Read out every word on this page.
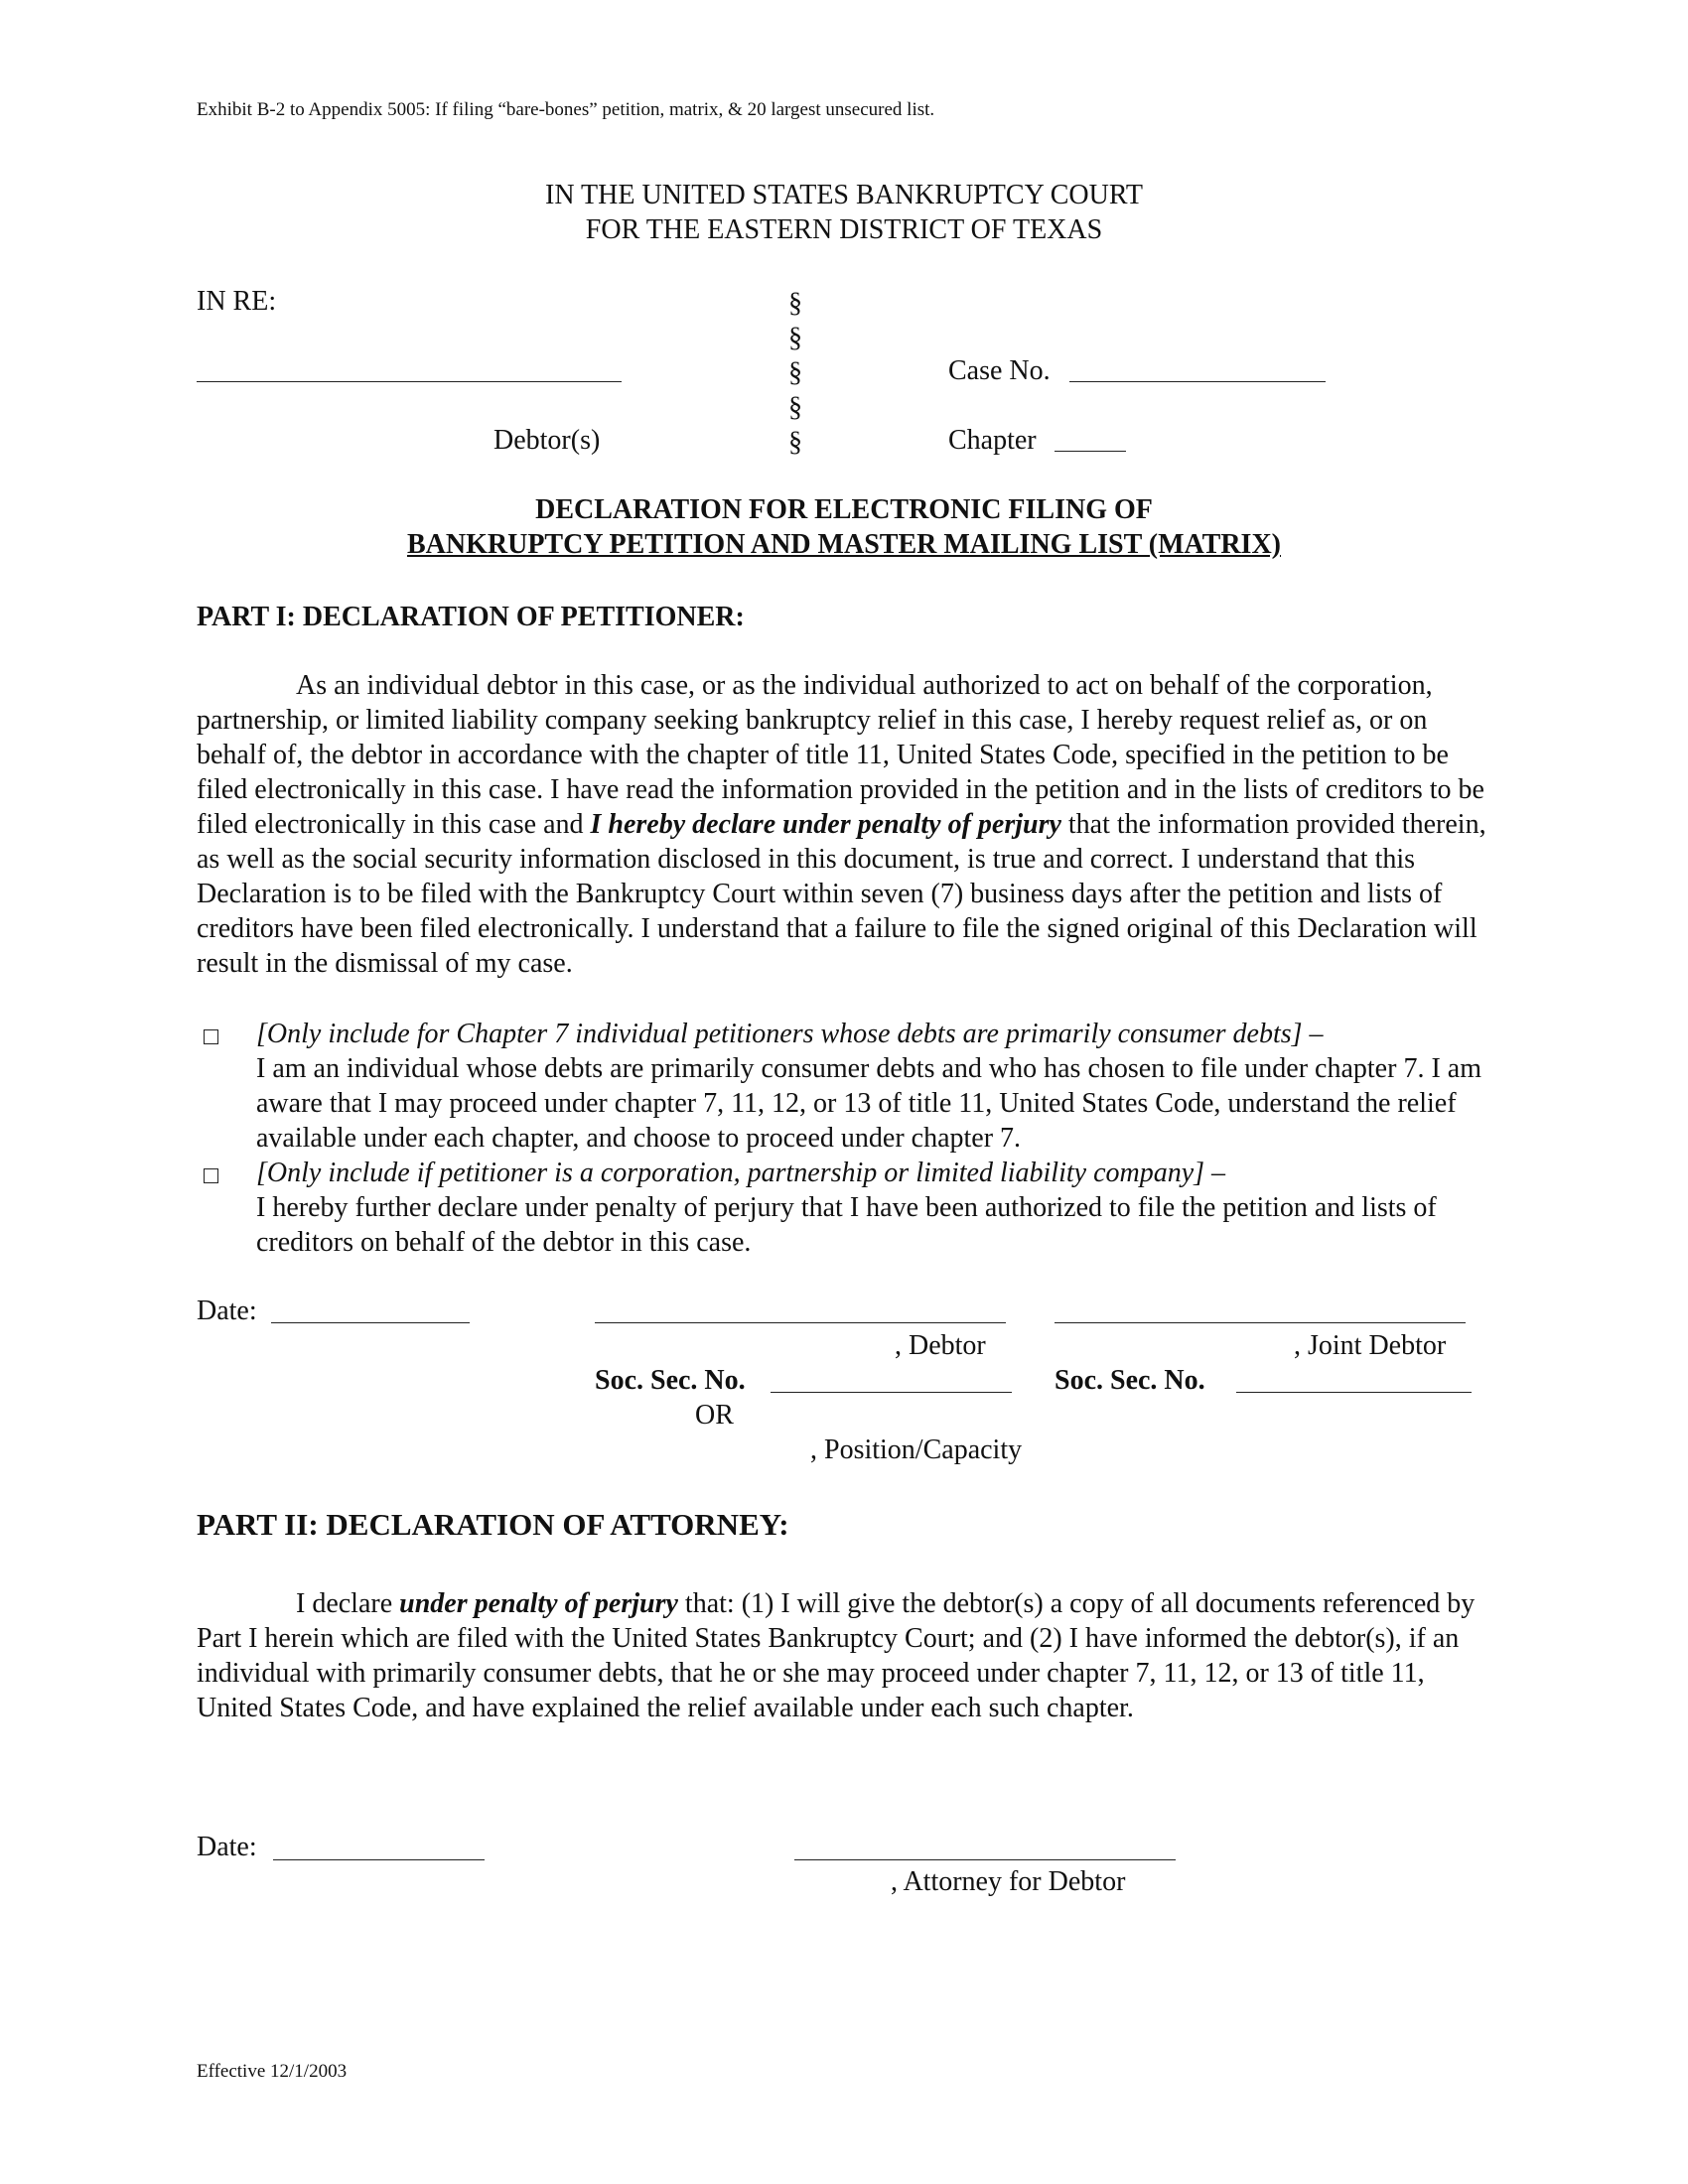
Exhibit B-2 to Appendix 5005: If filing “bare-bones” petition, matrix, & 20 largest unsecured list.
IN THE UNITED STATES BANKRUPTCY COURT
FOR THE EASTERN DISTRICT OF TEXAS
IN RE:
Debtor(s)
§
§
§
§
§
Case No.
Chapter
DECLARATION FOR ELECTRONIC FILING OF
BANKRUPTCY PETITION AND MASTER MAILING LIST (MATRIX)
PART I: DECLARATION OF PETITIONER:
As an individual debtor in this case, or as the individual authorized to act on behalf of the corporation, partnership, or limited liability company seeking bankruptcy relief in this case, I hereby request relief as, or on behalf of, the debtor in accordance with the chapter of title 11, United States Code, specified in the petition to be filed electronically in this case. I have read the information provided in the petition and in the lists of creditors to be filed electronically in this case and I hereby declare under penalty of perjury that the information provided therein, as well as the social security information disclosed in this document, is true and correct. I understand that this Declaration is to be filed with the Bankruptcy Court within seven (7) business days after the petition and lists of creditors have been filed electronically. I understand that a failure to file the signed original of this Declaration will result in the dismissal of my case.
[Only include for Chapter 7 individual petitioners whose debts are primarily consumer debts] –
I am an individual whose debts are primarily consumer debts and who has chosen to file under chapter 7. I am aware that I may proceed under chapter 7, 11, 12, or 13 of title 11, United States Code, understand the relief available under each chapter, and choose to proceed under chapter 7.
[Only include if petitioner is a corporation, partnership or limited liability company] –
I hereby further declare under penalty of perjury that I have been authorized to file the petition and lists of creditors on behalf of the debtor in this case.
Date:
, Debtor	, Joint Debtor
Soc. Sec. No.	Soc. Sec. No.
OR
, Position/Capacity
PART II: DECLARATION OF ATTORNEY:
I declare under penalty of perjury that: (1) I will give the debtor(s) a copy of all documents referenced by Part I herein which are filed with the United States Bankruptcy Court; and (2) I have informed the debtor(s), if an individual with primarily consumer debts, that he or she may proceed under chapter 7, 11, 12, or 13 of title 11, United States Code, and have explained the relief available under each such chapter.
Date:
, Attorney for Debtor
Effective 12/1/2003
